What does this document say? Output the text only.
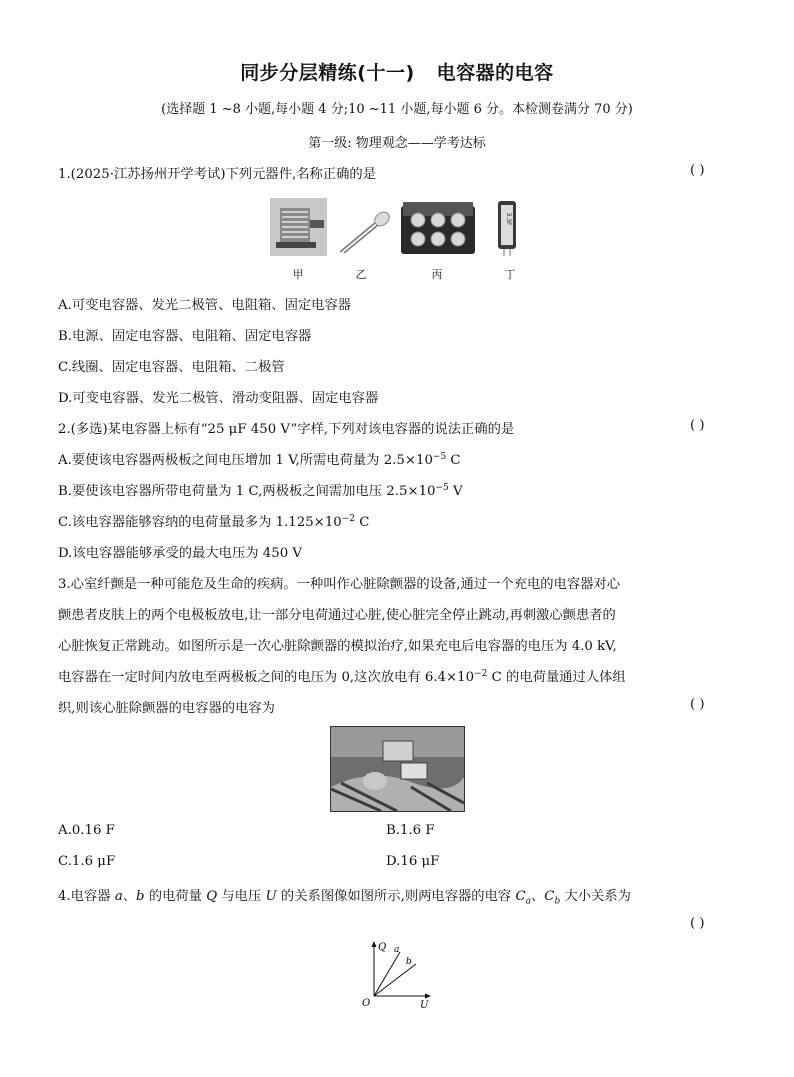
同步分层精练(十一) 电容器的电容
(选择题 1 ~8 小题,每小题 4 分;10 ~11 小题,每小题 6 分。本检测卷满分 70 分)
第一级: 物理观念——学考达标
1.(2025·江苏扬州开学考试)下列元器件,名称正确的是	( )
3.3F
甲	乙	丙	丁
A.可变电容器、发光二极管、电阻箱、固定电容器
B.电源、固定电容器、电阻箱、固定电容器
C.线圈、固定电容器、电阻箱、二极管
D.可变电容器、发光二极管、滑动变阻器、固定电容器
2.(多选)某电容器上标有“25 μF 450 V”字样,下列对该电容器的说法正确的是	( )
A.要使该电容器两极板之间电压增加 1 V,所需电荷量为 $2.5\times 10^{-5}$ C
B.要使该电容器所带电荷量为 1 C,两极板之间需加电压 $2.5\times 10^{-5}$ V
C.该电容器能够容纳的电荷量最多为 $1.125\times 10^{-2}$ C
D.该电容器能够承受的最大电压为 450 V
3.心室纤颤是一种可能危及生命的疾病。一种叫作心脏除颤器的设备,通过一个充电的电容器对心
颤患者皮肤上的两个电极板放电,让一部分电荷通过心脏,使心脏完全停止跳动,再刺激心颤患者的
心脏恢复正常跳动。如图所示是一次心脏除颤器的模拟治疗,如果充电后电容器的电压为 4.0 kV,
电容器在一定时间内放电至两极板之间的电压为 0,这次放电有 $6.4\times 10^{-2}$ C 的电荷量通过人体组
织,则该心脏除颤器的电容器的电容为	( )
A.0.16 F	B.1.6 F
C.1.6 μF	D.16 μF
4.电容器 a、b 的电荷量 Q 与电压 U 的关系图像如图所示,则两电容器的电容 $C_a$、$C_b$ 大小关系为
( )
Q a
b
O	U
